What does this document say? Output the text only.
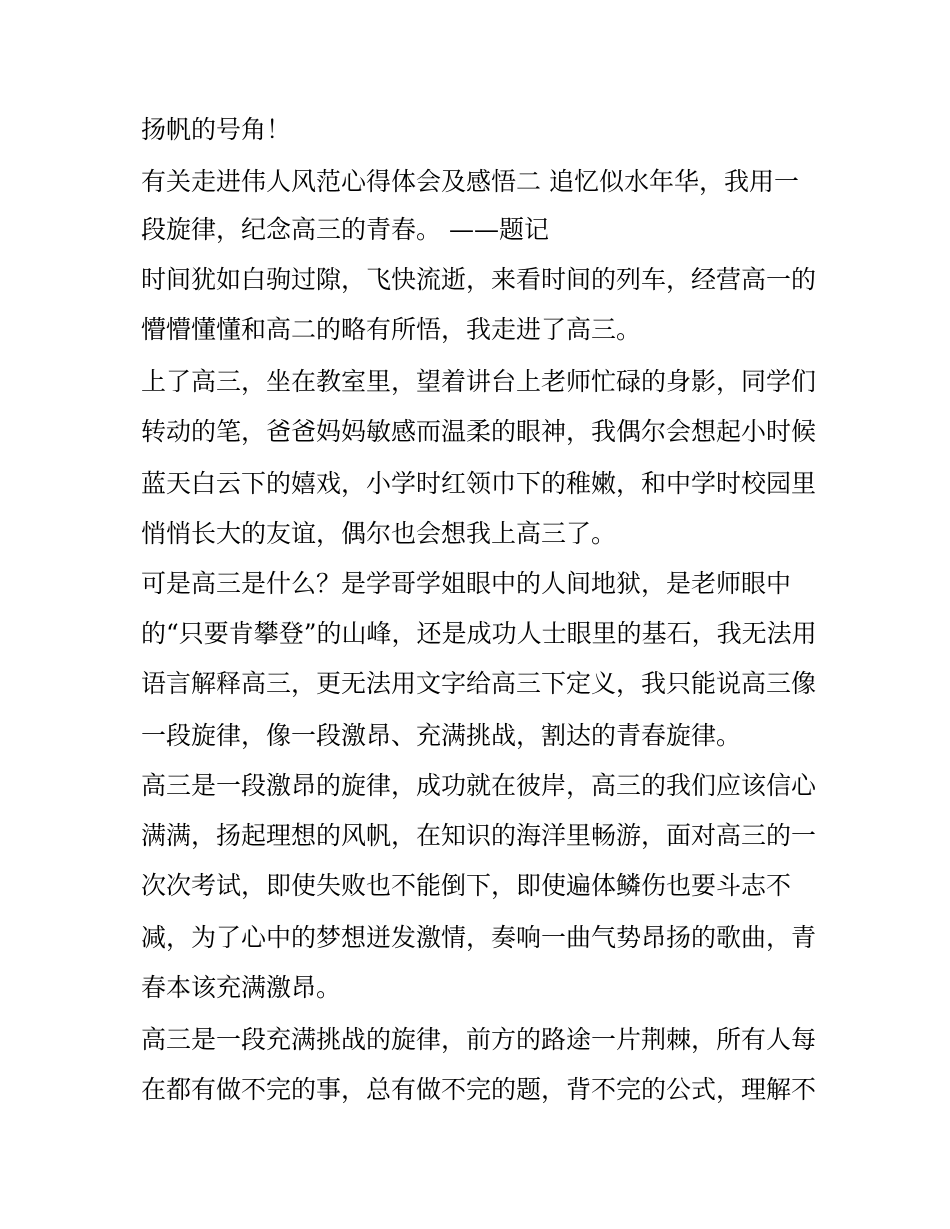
扬帆的号角！
有关走进伟人风范心得体会及感悟二 追忆似水年华，我用一
段旋律，纪念高三的青春。 ——题记
时间犹如白驹过隙，飞快流逝，来看时间的列车，经营高一的
懵懵懂懂和高二的略有所悟，我走进了高三。
上了高三，坐在教室里，望着讲台上老师忙碌的身影，同学们
转动的笔，爸爸妈妈敏感而温柔的眼神，我偶尔会想起小时候
蓝天白云下的嬉戏，小学时红领巾下的稚嫩，和中学时校园里
悄悄长大的友谊，偶尔也会想我上高三了。
可是高三是什么？是学哥学姐眼中的人间地狱，是老师眼中
的“只要肯攀登”的山峰，还是成功人士眼里的基石，我无法用
语言解释高三，更无法用文字给高三下定义，我只能说高三像
一段旋律，像一段激昂、充满挑战，割达的青春旋律。
高三是一段激昂的旋律，成功就在彼岸，高三的我们应该信心
满满，扬起理想的风帆，在知识的海洋里畅游，面对高三的一
次次考试，即使失败也不能倒下，即使遍体鳞伤也要斗志不
减，为了心中的梦想迸发激情，奏响一曲气势昂扬的歌曲，青
春本该充满激昂。
高三是一段充满挑战的旋律，前方的路途一片荆棘，所有人每
在都有做不完的事，总有做不完的题，背不完的公式，理解不
